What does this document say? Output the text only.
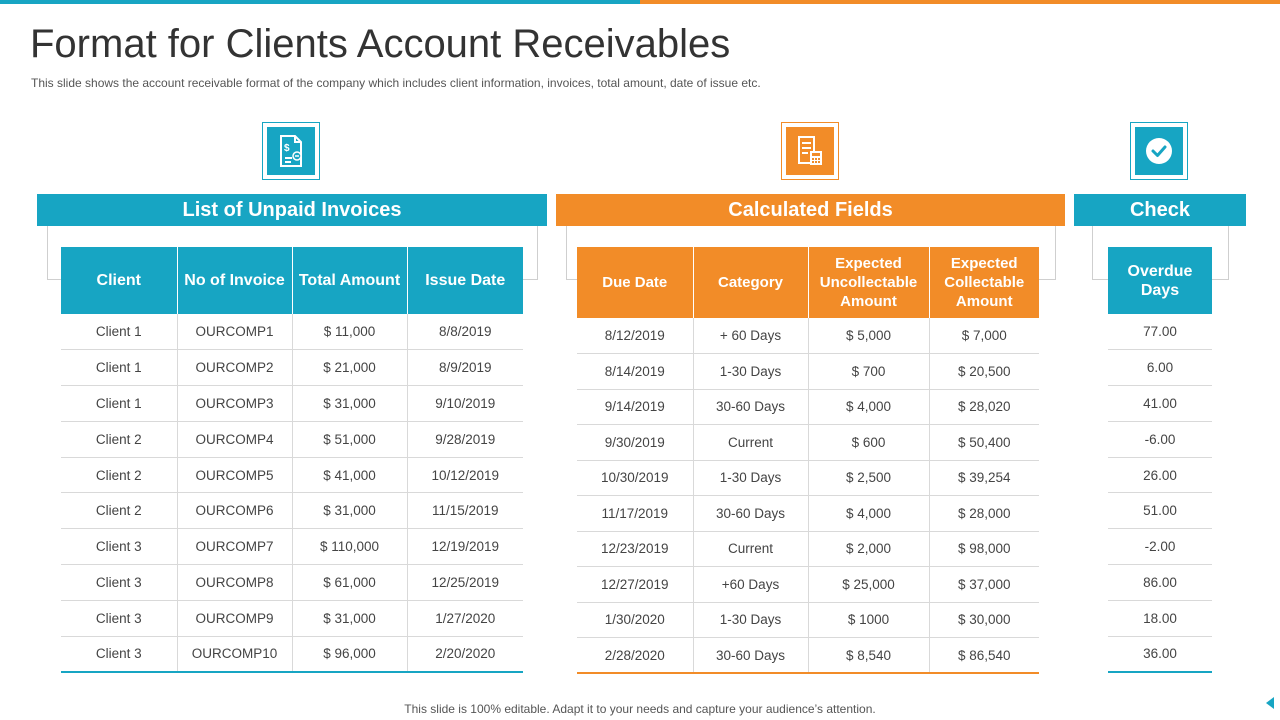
Format for Clients Account Receivables
This slide shows the account receivable format of the company which includes client information, invoices, total amount, date of issue etc.
$
List of Unpaid Invoices	Calculated Fields	Check
Client	No of Invoice	Total Amount	Issue Date
Client 1	OURCOMP1	$ 11,000	8/8/2019
Client 1	OURCOMP2	$ 21,000	8/9/2019
Client 1	OURCOMP3	$ 31,000	9/10/2019
Client 2	OURCOMP4	$ 51,000	9/28/2019
Client 2	OURCOMP5	$ 41,000	10/12/2019
Client 2	OURCOMP6	$ 31,000	11/15/2019
Client 3	OURCOMP7	$ 110,000	12/19/2019
Client 3	OURCOMP8	$ 61,000	12/25/2019
Client 3	OURCOMP9	$ 31,000	1/27/2020
Client 3	OURCOMP10	$ 96,000	2/20/2020
Due Date	Category	Expected Uncollectable Amount	Expected Collectable Amount
8/12/2019	+ 60 Days	$ 5,000	$ 7,000
8/14/2019	1-30 Days	$ 700	$ 20,500
9/14/2019	30-60 Days	$ 4,000	$ 28,020
9/30/2019	Current	$ 600	$ 50,400
10/30/2019	1-30 Days	$ 2,500	$ 39,254
11/17/2019	30-60 Days	$ 4,000	$ 28,000
12/23/2019	Current	$ 2,000	$ 98,000
12/27/2019	+60 Days	$ 25,000	$ 37,000
1/30/2020	1-30 Days	$ 1000	$ 30,000
2/28/2020	30-60 Days	$ 8,540	$ 86,540
Overdue Days
77.00
6.00
41.00
-6.00
26.00
51.00
-2.00
86.00
18.00
36.00
This slide is 100% editable. Adapt it to your needs and capture your audience’s attention.
